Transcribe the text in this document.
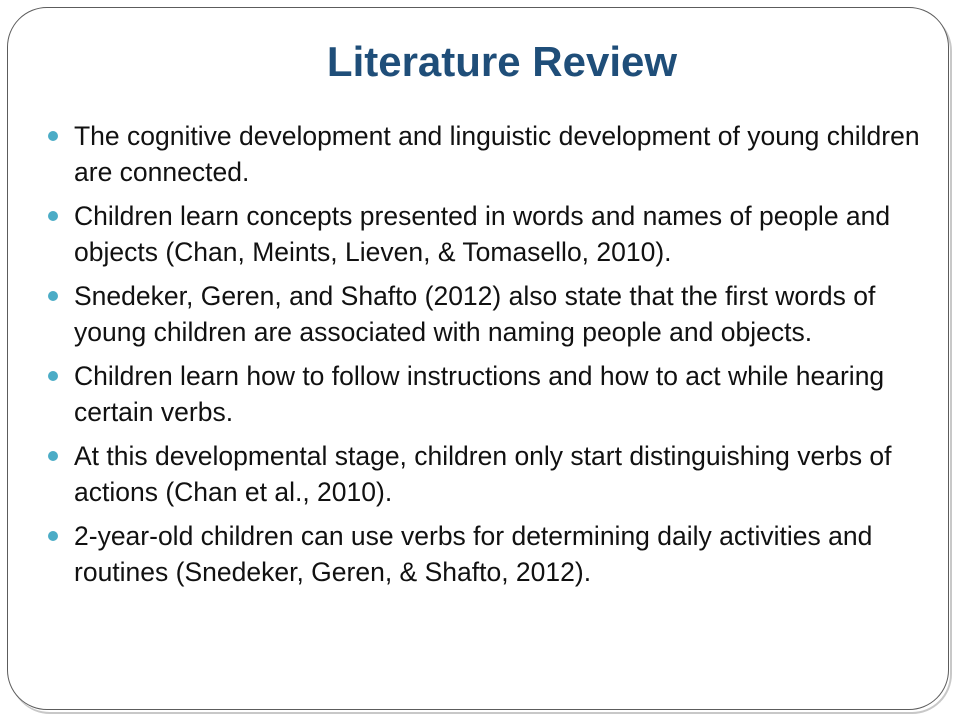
Literature Review
The cognitive development and linguistic development of young children are connected.
Children learn concepts presented in words and names of people and objects (Chan, Meints, Lieven, & Tomasello, 2010).
Snedeker, Geren, and Shafto (2012) also state that the first words of young children are associated with naming people and objects.
Children learn how to follow instructions and how to act while hearing certain verbs.
At this developmental stage, children only start distinguishing verbs of actions (Chan et al., 2010).
2-year-old children can use verbs for determining daily activities and routines (Snedeker, Geren, & Shafto, 2012).
